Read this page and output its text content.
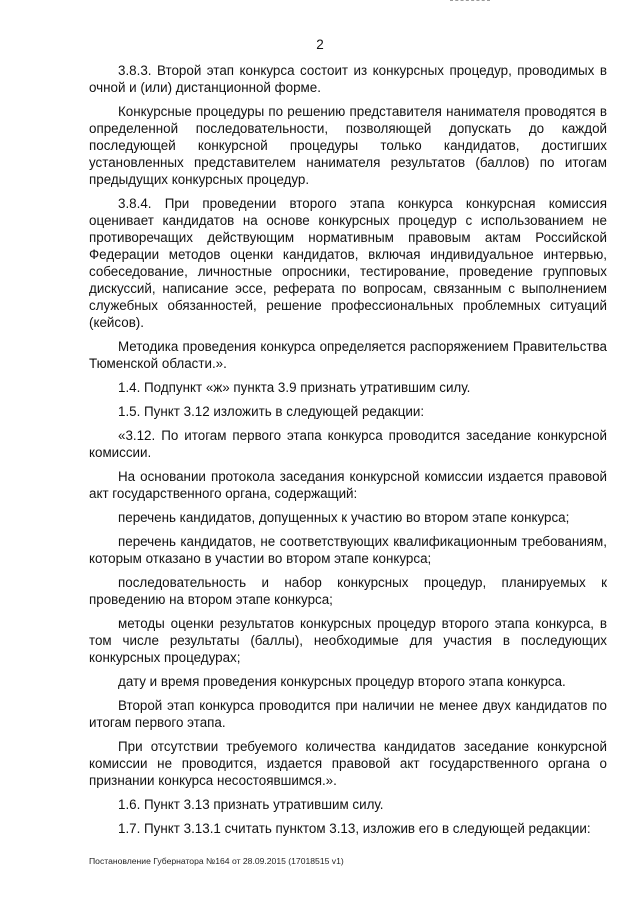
2

3.8.3. Второй этап конкурса состоит из конкурсных процедур, проводимых в очной и (или) дистанционной форме.

Конкурсные процедуры по решению представителя нанимателя проводятся в определенной последовательности, позволяющей допускать до каждой последующей конкурсной процедуры только кандидатов, достигших установленных представителем нанимателя результатов (баллов) по итогам предыдущих конкурсных процедур.

3.8.4. При проведении второго этапа конкурса конкурсная комиссия оценивает кандидатов на основе конкурсных процедур с использованием не противоречащих действующим нормативным правовым актам Российской Федерации методов оценки кандидатов, включая индивидуальное интервью, собеседование, личностные опросники, тестирование, проведение групповых дискуссий, написание эссе, реферата по вопросам, связанным с выполнением служебных обязанностей, решение профессиональных проблемных ситуаций (кейсов).

Методика проведения конкурса определяется распоряжением Правительства Тюменской области.».

1.4. Подпункт «ж» пункта 3.9 признать утратившим силу.

1.5. Пункт 3.12 изложить в следующей редакции:

«3.12. По итогам первого этапа конкурса проводится заседание конкурсной комиссии.

На основании протокола заседания конкурсной комиссии издается правовой акт государственного органа, содержащий:

перечень кандидатов, допущенных к участию во втором этапе конкурса;

перечень кандидатов, не соответствующих квалификационным требованиям, которым отказано в участии во втором этапе конкурса;

последовательность и набор конкурсных процедур, планируемых к проведению на втором этапе конкурса;

методы оценки результатов конкурсных процедур второго этапа конкурса, в том числе результаты (баллы), необходимые для участия в последующих конкурсных процедурах;

дату и время проведения конкурсных процедур второго этапа конкурса.

Второй этап конкурса проводится при наличии не менее двух кандидатов по итогам первого этапа.

При отсутствии требуемого количества кандидатов заседание конкурсной комиссии не проводится, издается правовой акт государственного органа о признании конкурса несостоявшимся.».

1.6. Пункт 3.13 признать утратившим силу.

1.7. Пункт 3.13.1 считать пунктом 3.13, изложив его в следующей редакции:

Постановление Губернатора №164 от 28.09.2015 (17018515 v1)
